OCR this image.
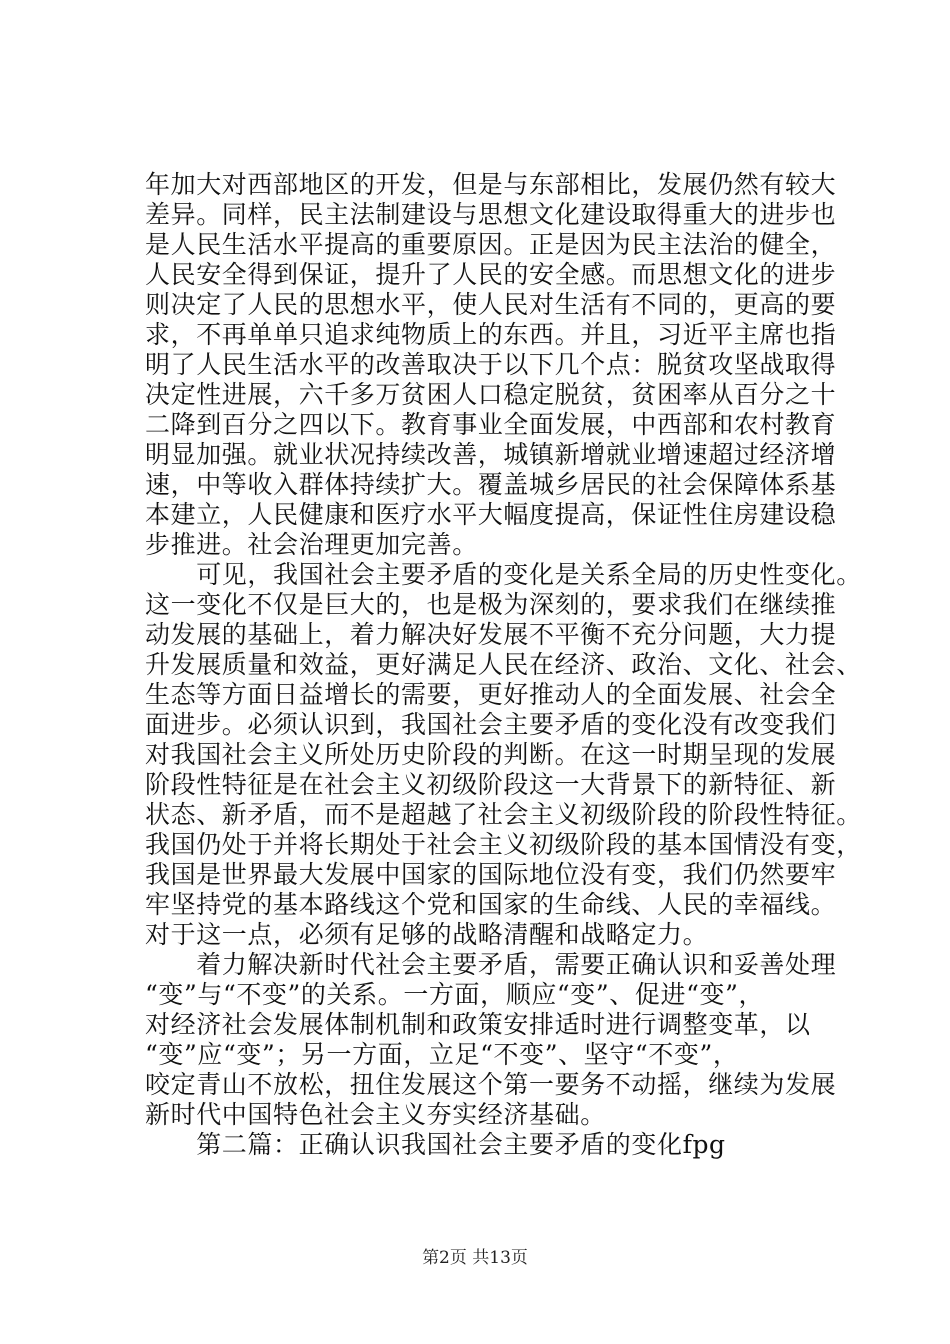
年加大对西部地区的开发，但是与东部相比，发展仍然有较大
差异。同样，民主法制建设与思想文化建设取得重大的进步也
是人民生活水平提高的重要原因。正是因为民主法治的健全，
人民安全得到保证，提升了人民的安全感。而思想文化的进步
则决定了人民的思想水平，使人民对生活有不同的，更高的要
求，不再单单只追求纯物质上的东西。并且，习近平主席也指
明了人民生活水平的改善取决于以下几个点：脱贫攻坚战取得
决定性进展，六千多万贫困人口稳定脱贫，贫困率从百分之十
二降到百分之四以下。教育事业全面发展，中西部和农村教育
明显加强。就业状况持续改善，城镇新增就业增速超过经济增
速，中等收入群体持续扩大。覆盖城乡居民的社会保障体系基
本建立，人民健康和医疗水平大幅度提高，保证性住房建设稳
步推进。社会治理更加完善。
　　可见，我国社会主要矛盾的变化是关系全局的历史性变化。
这一变化不仅是巨大的，也是极为深刻的，要求我们在继续推
动发展的基础上，着力解决好发展不平衡不充分问题，大力提
升发展质量和效益，更好满足人民在经济、政治、文化、社会、
生态等方面日益增长的需要，更好推动人的全面发展、社会全
面进步。必须认识到，我国社会主要矛盾的变化没有改变我们
对我国社会主义所处历史阶段的判断。在这一时期呈现的发展
阶段性特征是在社会主义初级阶段这一大背景下的新特征、新
状态、新矛盾，而不是超越了社会主义初级阶段的阶段性特征。
我国仍处于并将长期处于社会主义初级阶段的基本国情没有变，
我国是世界最大发展中国家的国际地位没有变，我们仍然要牢
牢坚持党的基本路线这个党和国家的生命线、人民的幸福线。
对于这一点，必须有足够的战略清醒和战略定力。
　　着力解决新时代社会主要矛盾，需要正确认识和妥善处理
“变”与“不变”的关系。一方面，顺应“变”、促进“变”，
对经济社会发展体制机制和政策安排适时进行调整变革，以
“变”应“变”；另一方面，立足“不变”、坚守“不变”，
咬定青山不放松，扭住发展这个第一要务不动摇，继续为发展
新时代中国特色社会主义夯实经济基础。
　　第二篇：正确认识我国社会主要矛盾的变化fpg
第2页 共13页
